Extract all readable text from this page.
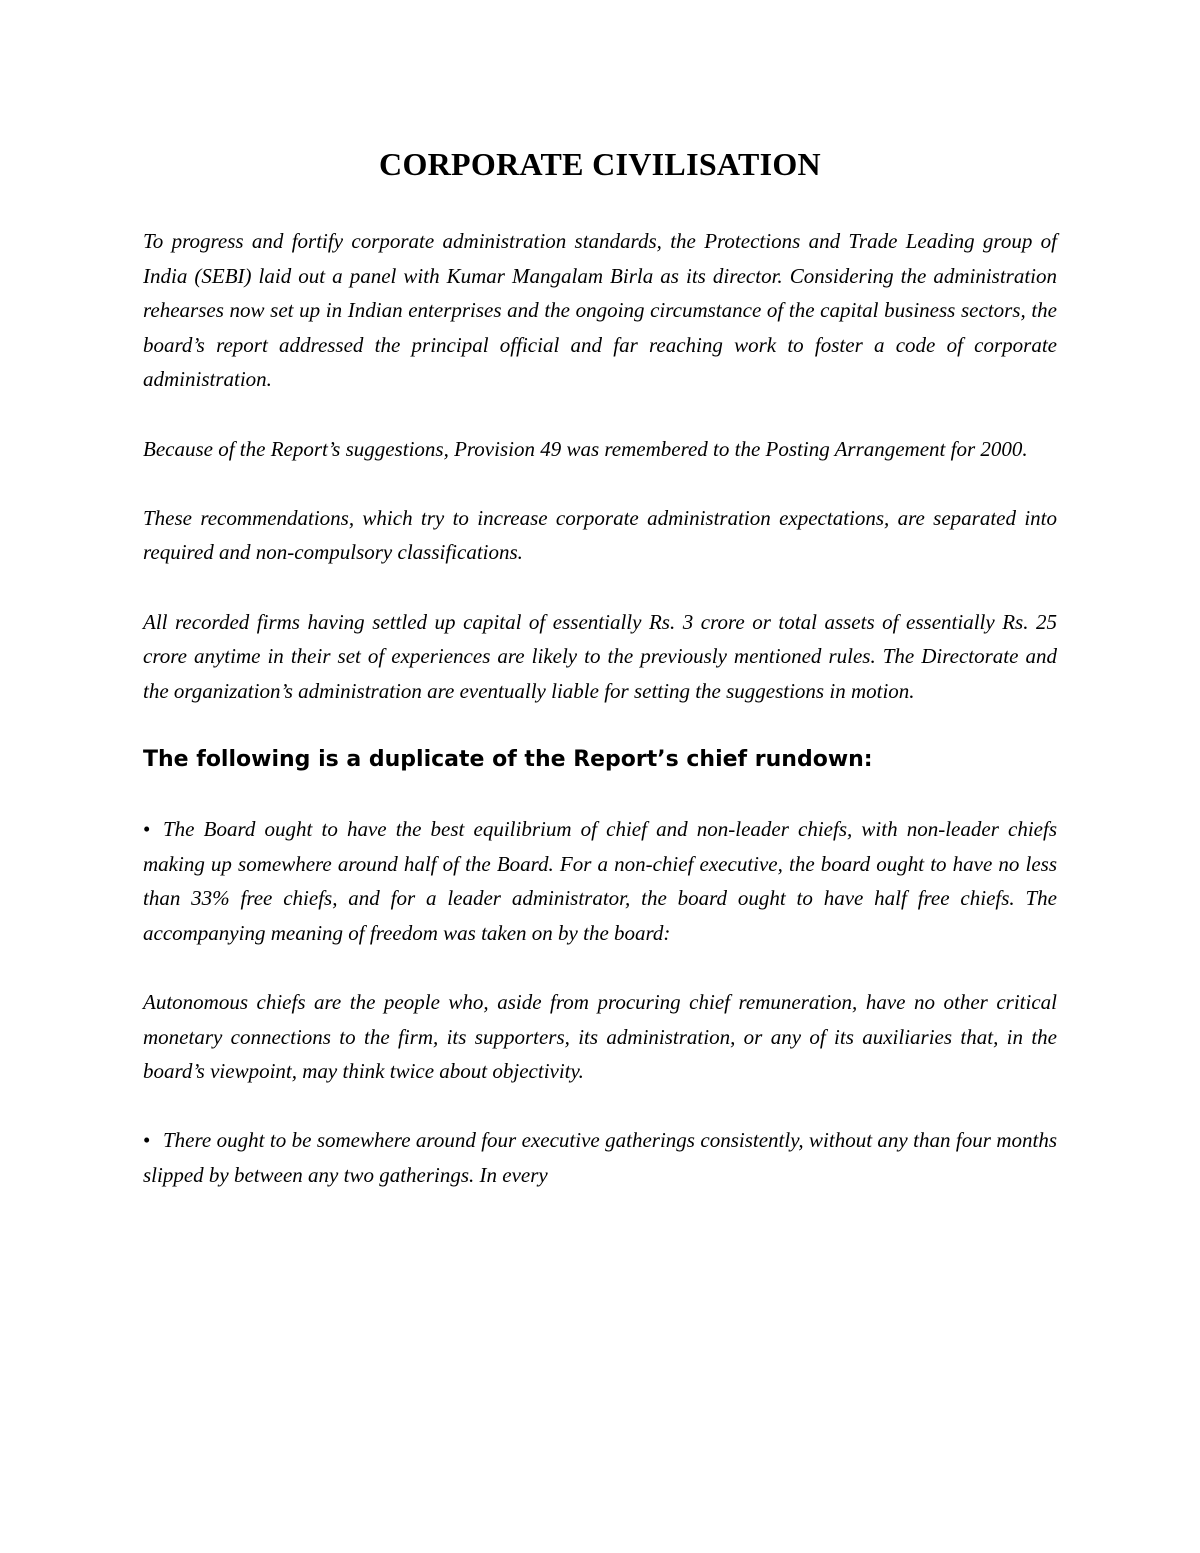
CORPORATE CIVILISATION

To progress and fortify corporate administration standards, the Protections and Trade Leading group of India (SEBI) laid out a panel with Kumar Mangalam Birla as its director. Considering the administration rehearses now set up in Indian enterprises and the ongoing circumstance of the capital business sectors, the board’s report addressed the principal official and far reaching work to foster a code of corporate administration.

Because of the Report’s suggestions, Provision 49 was remembered to the Posting Arrangement for 2000.

These recommendations, which try to increase corporate administration expectations, are separated into required and non-compulsory classifications.

All recorded firms having settled up capital of essentially Rs. 3 crore or total assets of essentially Rs. 25 crore anytime in their set of experiences are likely to the previously mentioned rules. The Directorate and the organization’s administration are eventually liable for setting the suggestions in motion.

The following is a duplicate of the Report’s chief rundown:

• The Board ought to have the best equilibrium of chief and non-leader chiefs, with non-leader chiefs making up somewhere around half of the Board. For a non-chief executive, the board ought to have no less than 33% free chiefs, and for a leader administrator, the board ought to have half free chiefs. The accompanying meaning of freedom was taken on by the board:

Autonomous chiefs are the people who, aside from procuring chief remuneration, have no other critical monetary connections to the firm, its supporters, its administration, or any of its auxiliaries that, in the board’s viewpoint, may think twice about objectivity.

• There ought to be somewhere around four executive gatherings consistently, without any than four months slipped by between any two gatherings. In every
